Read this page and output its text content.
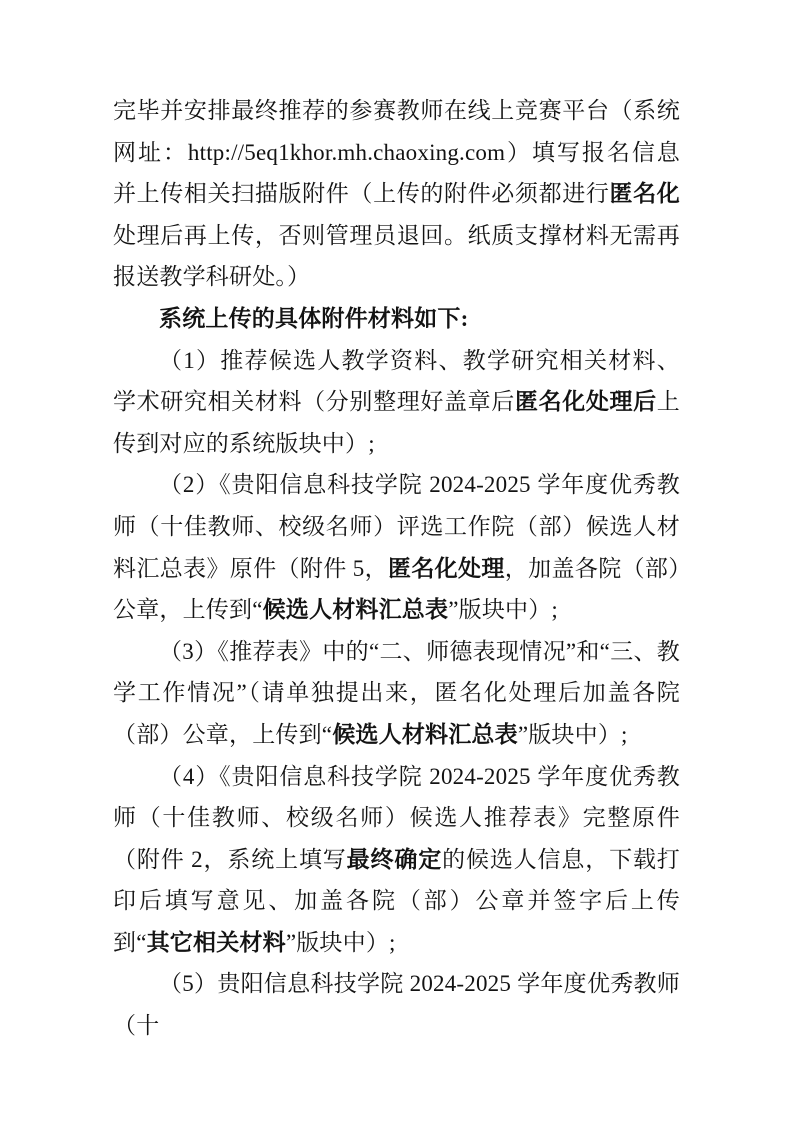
完毕并安排最终推荐的参赛教师在线上竞赛平台（系统网址：http://5eq1khor.mh.chaoxing.com）填写报名信息并上传相关扫描版附件（上传的附件必须都进行匿名化处理后再上传，否则管理员退回。纸质支撑材料无需再报送教学科研处。）

系统上传的具体附件材料如下:

（1）推荐候选人教学资料、教学研究相关材料、学术研究相关材料（分别整理好盖章后匿名化处理后上传到对应的系统版块中）;

（2）《贵阳信息科技学院 2024-2025 学年度优秀教师（十佳教师、校级名师）评选工作院（部）候选人材料汇总表》原件（附件 5，匿名化处理，加盖各院（部）公章，上传到“候选人材料汇总表”版块中）;

（3）《推荐表》中的“二、师德表现情况”和“三、教学工作情况”（请单独提出来，匿名化处理后加盖各院（部）公章，上传到“候选人材料汇总表”版块中）;

（4）《贵阳信息科技学院 2024-2025 学年度优秀教师（十佳教师、校级名师）候选人推荐表》完整原件（附件 2，系统上填写最终确定的候选人信息，下载打印后填写意见、加盖各院（部）公章并签字后上传到“其它相关材料”版块中）;

（5）贵阳信息科技学院 2024-2025 学年度优秀教师（十
